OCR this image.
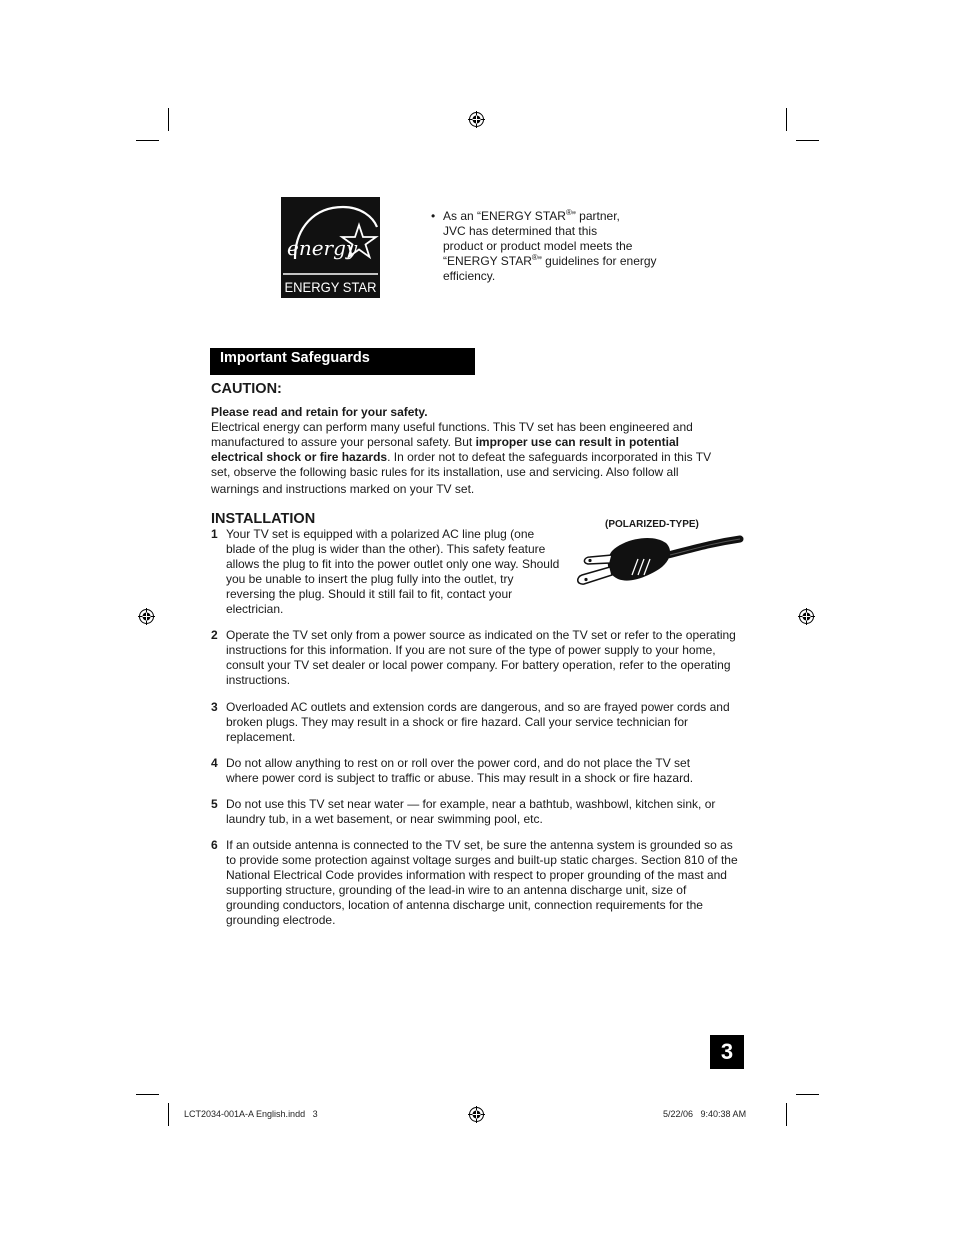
energy
ENERGY STAR
• As an “ENERGY STAR®” partner,
JVC has determined that this
product or product model meets the
“ENERGY STAR®” guidelines for energy
efficiency.
Important Safeguards
CAUTION:
Please read and retain for your safety.
Electrical energy can perform many useful functions. This TV set has been engineered and manufactured to assure your personal safety. But improper use can result in potential electrical shock or fire hazards. In order not to defeat the safeguards incorporated in this TV set, observe the following basic rules for its installation, use and servicing. Also follow all
warnings and instructions marked on your TV set.
INSTALLATION	(POLARIZED-TYPE)
1 Your TV set is equipped with a polarized AC line plug (one blade of the plug is wider than the other). This safety feature allows the plug to fit into the power outlet only one way. Should you be unable to insert the plug fully into the outlet, try reversing the plug. Should it still fail to fit, contact your electrician.
2 Operate the TV set only from a power source as indicated on the TV set or refer to the operating instructions for this information. If you are not sure of the type of power supply to your home, consult your TV set dealer or local power company. For battery operation, refer to the operating instructions.
3 Overloaded AC outlets and extension cords are dangerous, and so are frayed power cords and broken plugs. They may result in a shock or fire hazard. Call your service technician for replacement.
4 Do not allow anything to rest on or roll over the power cord, and do not place the TV set where power cord is subject to traffic or abuse. This may result in a shock or fire hazard.
5 Do not use this TV set near water — for example, near a bathtub, washbowl, kitchen sink, or laundry tub, in a wet basement, or near swimming pool, etc.
6 If an outside antenna is connected to the TV set, be sure the antenna system is grounded so as to provide some protection against voltage surges and built-up static charges. Section 810 of the National Electrical Code provides information with respect to proper grounding of the mast and supporting structure, grounding of the lead-in wire to an antenna discharge unit, size of grounding conductors, location of antenna discharge unit, connection requirements for the grounding electrode.
3
LCT2034-001A-A English.indd   3	5/22/06   9:40:38 AM
